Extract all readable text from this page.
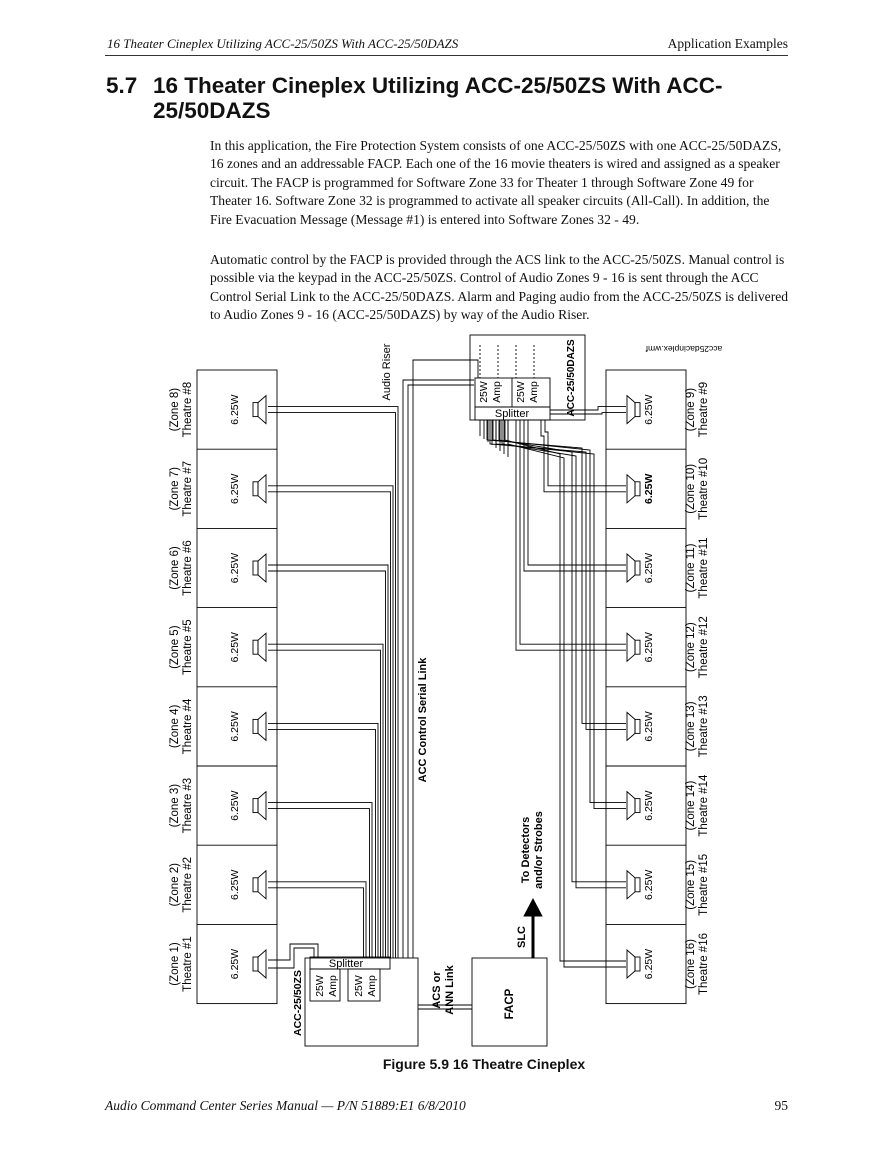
16 Theater Cineplex Utilizing ACC-25/50ZS With ACC-25/50DAZS	Application Examples
5.7 16 Theater Cineplex Utilizing ACC-25/50ZS With ACC-25/50DAZS

In this application, the Fire Protection System consists of one ACC-25/50ZS with one ACC-25/50DAZS, 16 zones and an addressable FACP. Each one of the 16 movie theaters is wired and assigned as a speaker circuit. The FACP is programmed for Software Zone 33 for Theater 1 through Software Zone 49 for Theater 16. Software Zone 32 is programmed to activate all speaker circuits (All-Call). In addition, the Fire Evacuation Message (Message #1) is entered into Software Zones 32 - 49.

Automatic control by the FACP is provided through the ACS link to the ACC-25/50ZS. Manual control is possible via the keypad in the ACC-25/50ZS. Control of Audio Zones 9 - 16 is sent through the ACC Control Serial Link to the ACC-25/50DAZS. Alarm and Paging audio from the ACC-25/50ZS is delivered to Audio Zones 9 - 16 (ACC-25/50DAZS) by way of the Audio Riser.

6.25W
(Zone 8) Theatre #8
6.25W
(Zone 7) Theatre #7
6.25W
(Zone 6) Theatre #6
6.25W
(Zone 5) Theatre #5
6.25W
(Zone 4) Theatre #4
6.25W
(Zone 3) Theatre #3
6.25W
(Zone 2) Theatre #2
6.25W
(Zone 1) Theatre #1
6.25W	(Zone 9) Theatre #9
6.25W	(Zone 10) Theatre #10
6.25W	(Zone 11) Theatre #11
6.25W	(Zone 12) Theatre #12
6.25W	(Zone 13) Theatre #13
6.25W	(Zone 14) Theatre #14
6.25W	(Zone 15) Theatre #15
6.25W	(Zone 16) Theatre #16
Splitter
25W Amp 25W Amp
ACC-25/50ZS
Splitter
25W Amp 25W Amp	ACC-25/50DAZS	acc25dacinplex.wmf
FACP
ACS or ANN Link
SLC
To Detectors and/or Strobes
Audio Riser
ACC Control Serial Link
Figure 5.9 16 Theatre Cineplex
Audio Command Center Series Manual — P/N 51889:E1 6/8/2010	95
